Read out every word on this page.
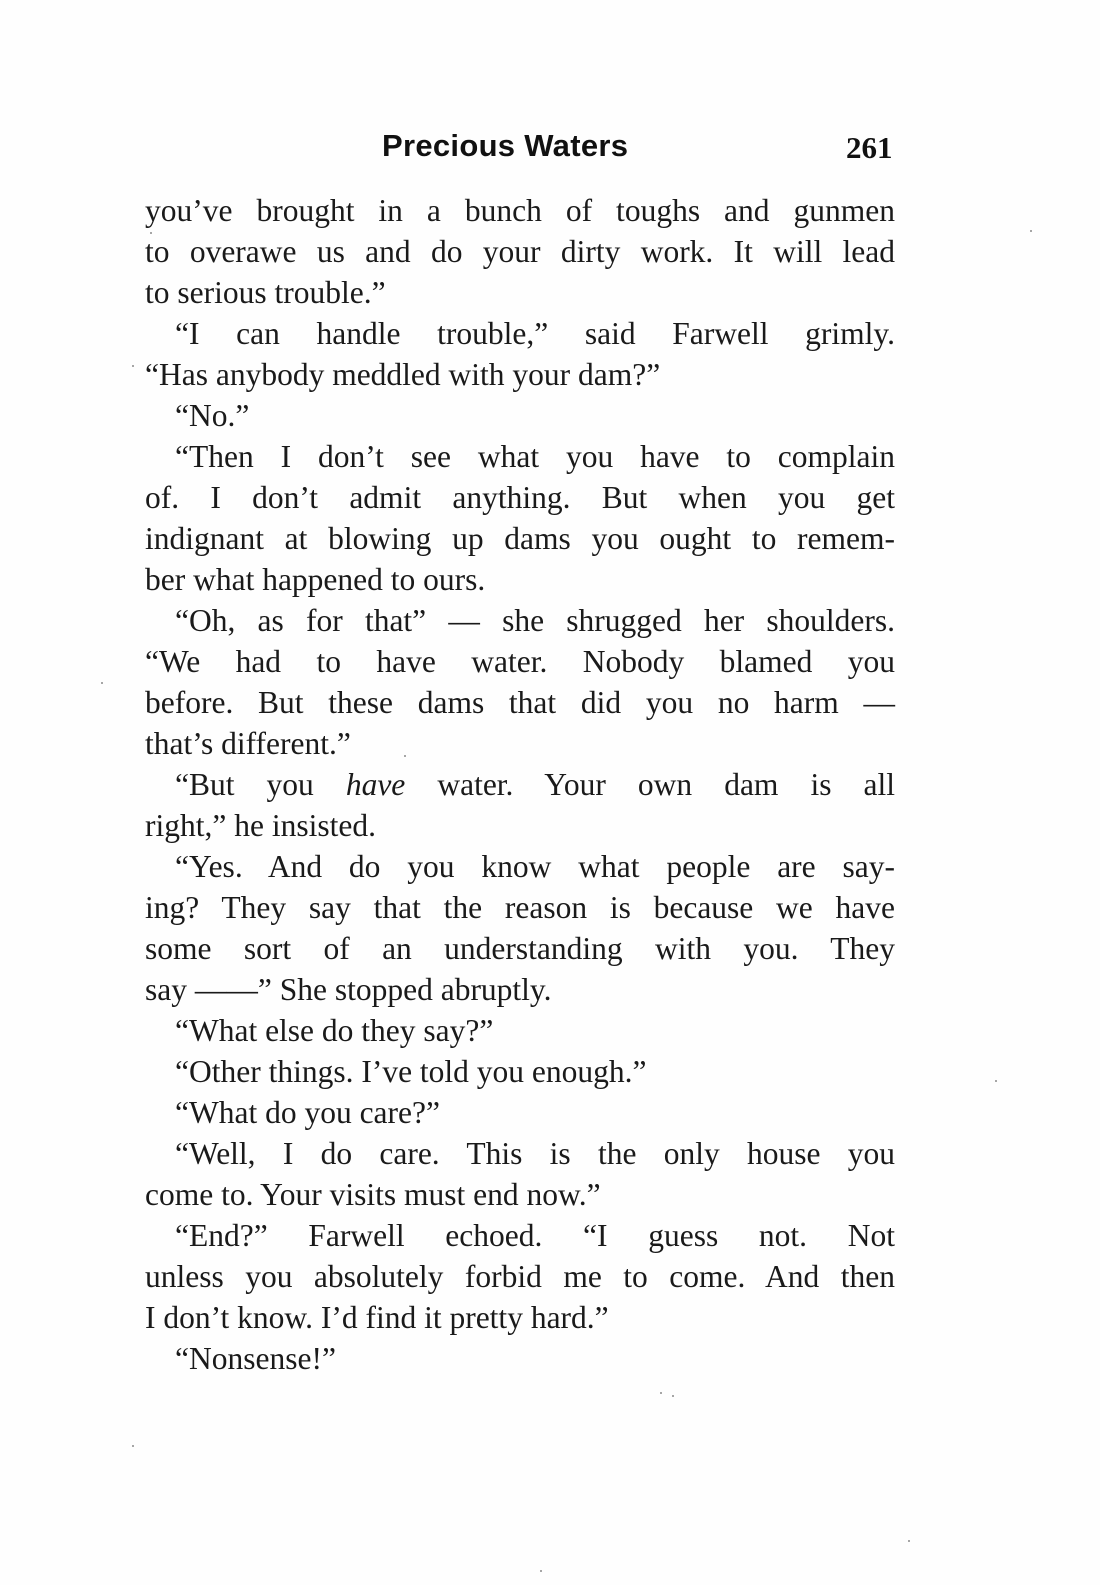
Precious Waters	261
you’ve brought in a bunch of toughs and gunmen
to overawe us and do your dirty work. It will lead
to serious trouble.”
“I can handle trouble,” said Farwell grimly.
“Has anybody meddled with your dam?”
“No.”
“Then I don’t see what you have to complain
of. I don’t admit anything. But when you get
indignant at blowing up dams you ought to remem-
ber what happened to ours.
“Oh, as for that” — she shrugged her shoulders.
“We had to have water. Nobody blamed you
before. But these dams that did you no harm —
that’s different.”
“But you have water. Your own dam is all
right,” he insisted.
“Yes. And do you know what people are say-
ing? They say that the reason is because we have
some sort of an understanding with you. They
say ——” She stopped abruptly.
“What else do they say?”
“Other things. I’ve told you enough.”
“What do you care?”
“Well, I do care. This is the only house you
come to. Your visits must end now.”
“End?” Farwell echoed. “I guess not. Not
unless you absolutely forbid me to come. And then
I don’t know. I’d find it pretty hard.”
“Nonsense!”
